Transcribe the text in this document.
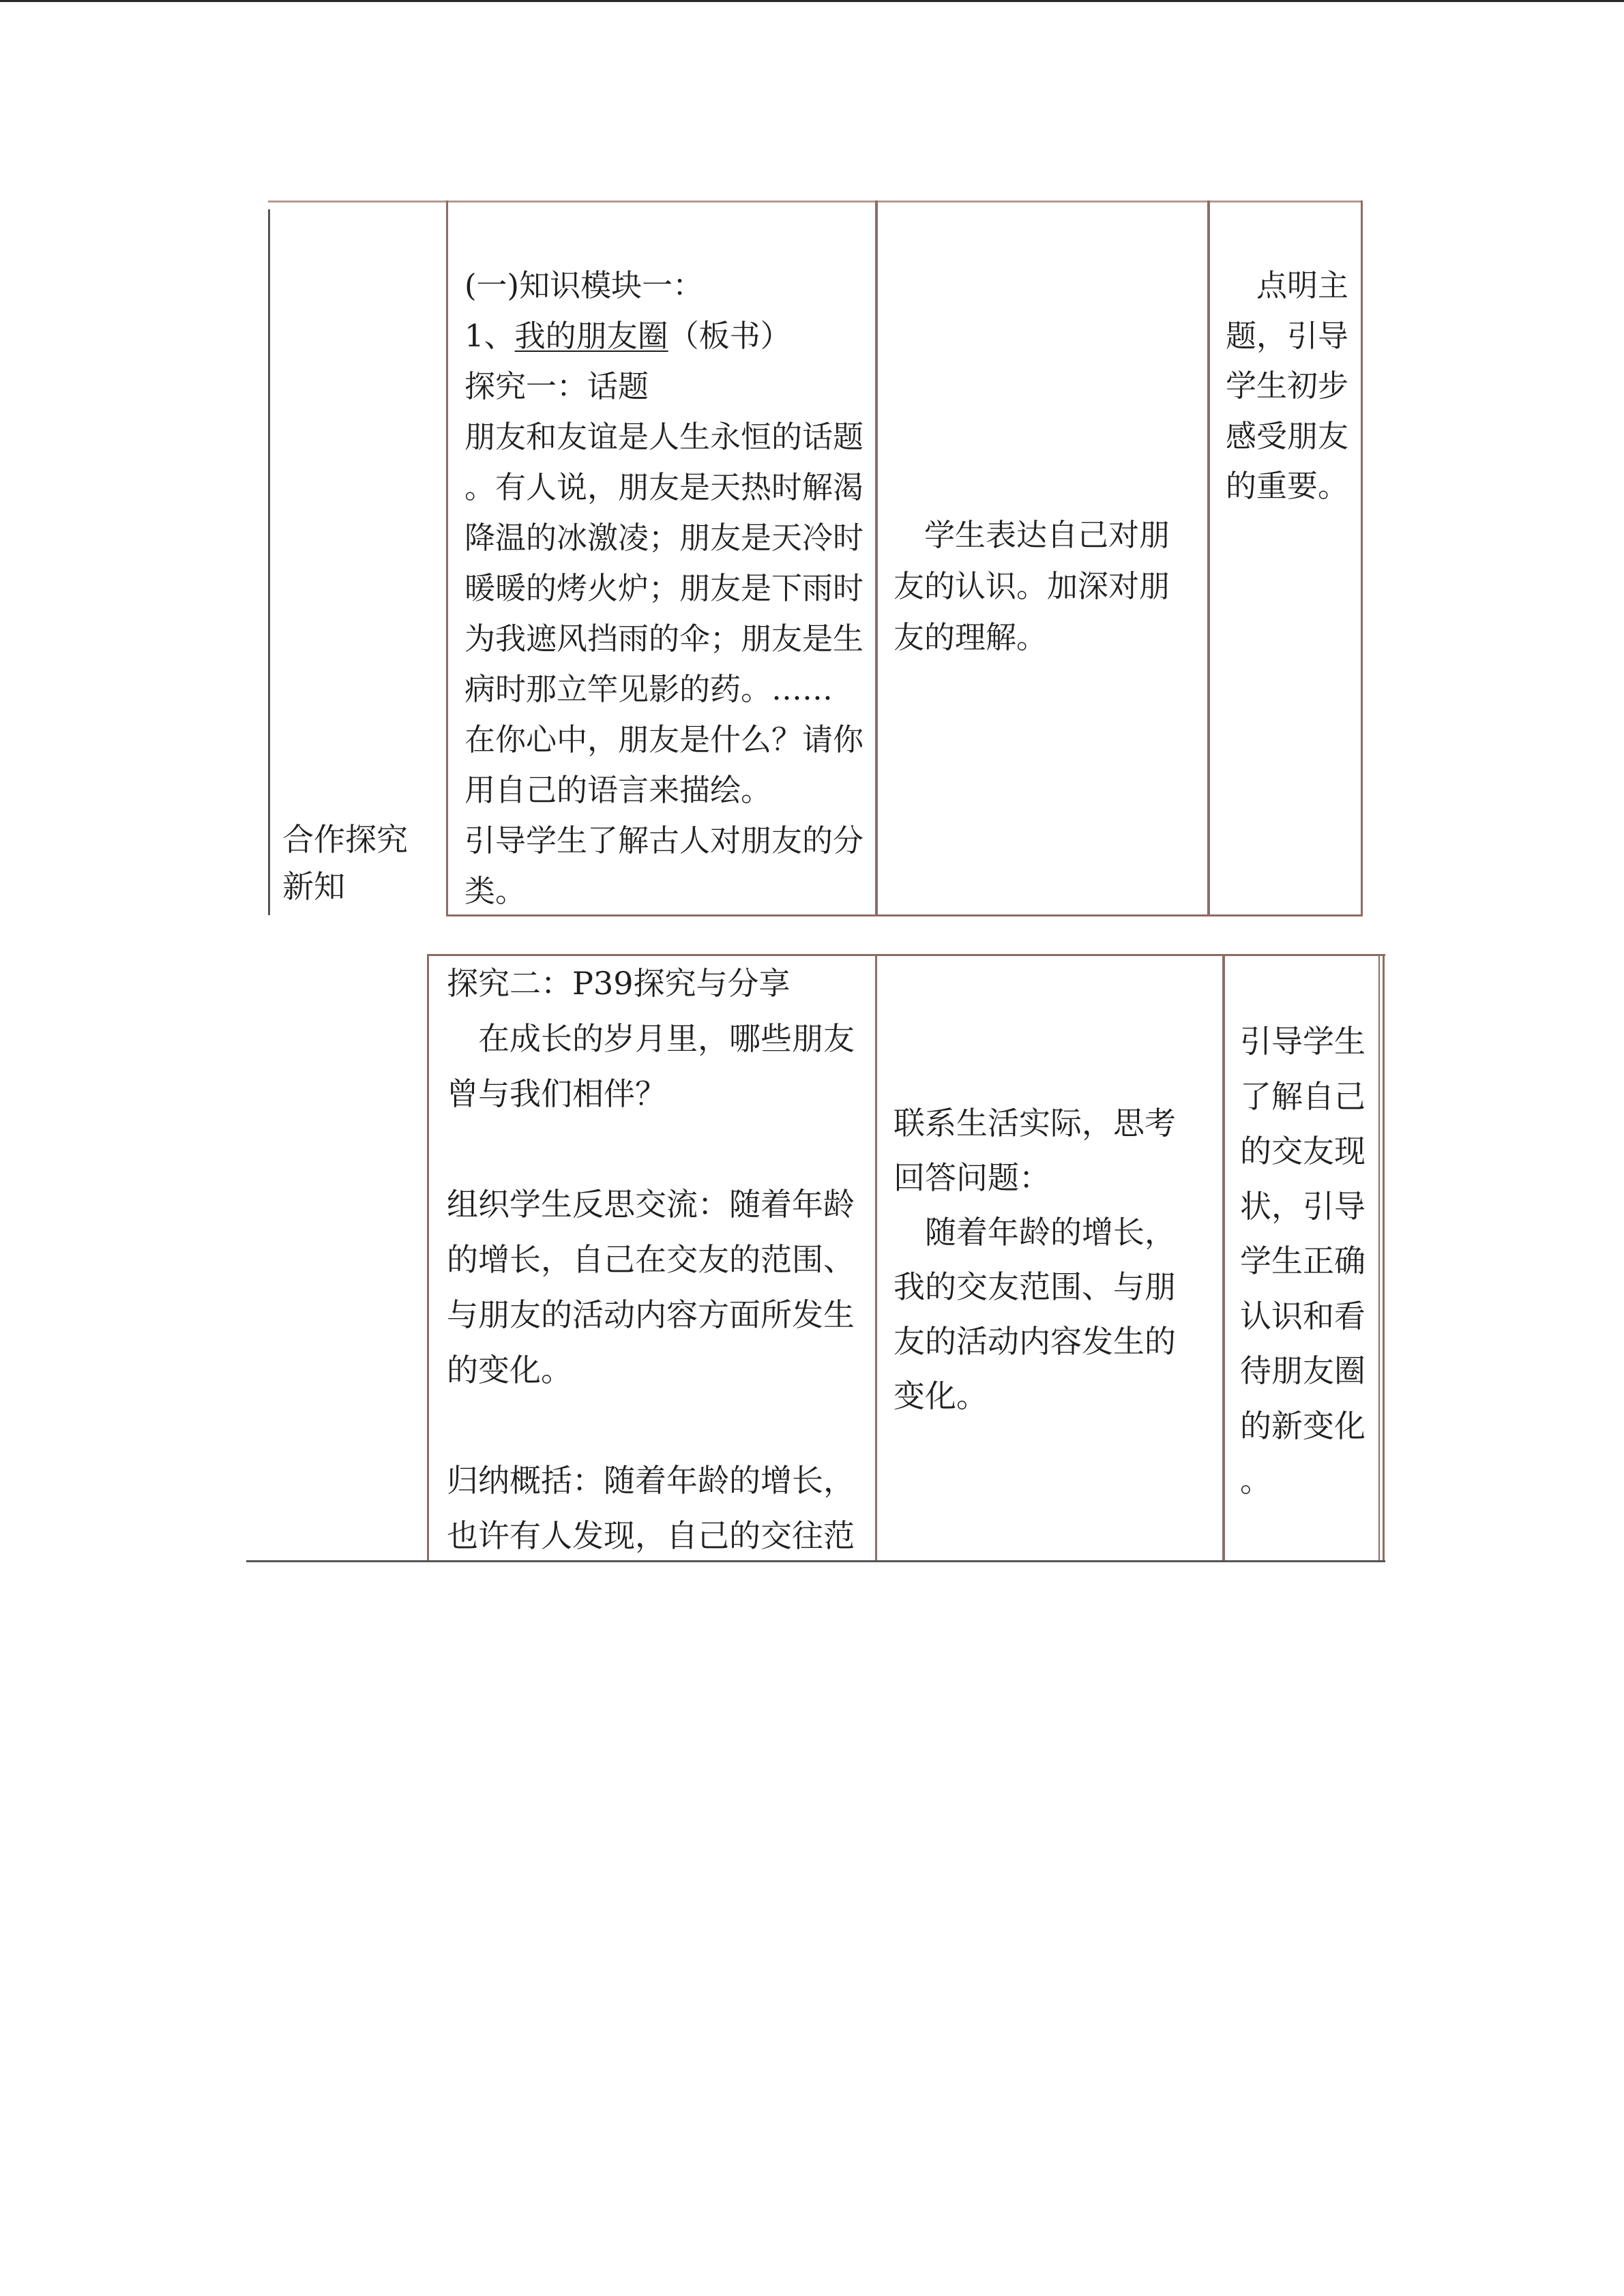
合作探究
新知
(一)知识模块一：
1、我的朋友圈（板书）
探究一：话题
朋友和友谊是人生永恒的话题
。有人说，朋友是天热时解渴
降温的冰激凌；朋友是天冷时
暖暖的烤火炉；朋友是下雨时
为我遮风挡雨的伞；朋友是生
病时那立竿见影的药。……
在你心中，朋友是什么？请你
用自己的语言来描绘。
引导学生了解古人对朋友的分
类。
学生表达自己对朋
友的认识。加深对朋
友的理解。
点明主
题，引导
学生初步
感受朋友
的重要。
探究二：P39探究与分享
在成长的岁月里，哪些朋友
曾与我们相伴？
组织学生反思交流：随着年龄
的增长，自己在交友的范围、
与朋友的活动内容方面所发生
的变化。
归纳概括：随着年龄的增长，
也许有人发现，自己的交往范
联系生活实际，思考
回答问题：
随着年龄的增长，
我的交友范围、与朋
友的活动内容发生的
变化。
引导学生
了解自己
的交友现
状，引导
学生正确
认识和看
待朋友圈
的新变化
。
